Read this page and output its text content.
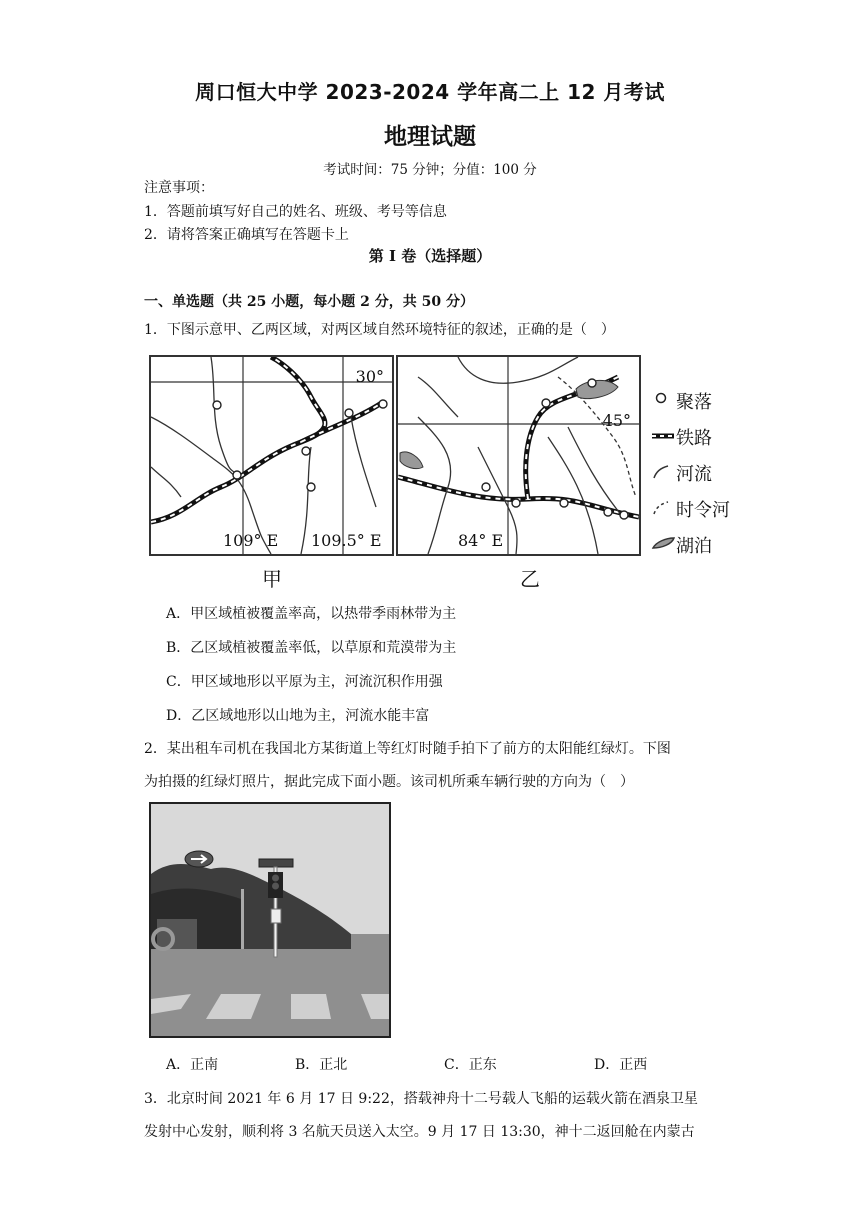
周口恒大中学 2023-2024 学年高二上 12 月考试
地理试题
考试时间：75 分钟；分值：100 分
注意事项：
1．答题前填写好自己的姓名、班级、考号等信息
2．请将答案正确填写在答题卡上
第 I 卷（选择题）
一、单选题（共 25 小题，每小题 2 分，共 50 分）
1．下图示意甲、乙两区域，对两区域自然环境特征的叙述，正确的是（　）
30°
109° E 109.5° E
甲
45°
84° E
乙
聚落
铁路
河流
时令河
湖泊
A．甲区域植被覆盖率高，以热带季雨林带为主
B．乙区域植被覆盖率低，以草原和荒漠带为主
C．甲区域地形以平原为主，河流沉积作用强
D．乙区域地形以山地为主，河流水能丰富
2．某出租车司机在我国北方某街道上等红灯时随手拍下了前方的太阳能红绿灯。下图
为拍摄的红绿灯照片，据此完成下面小题。该司机所乘车辆行驶的方向为（　）
A．正南	B．正北	C．正东	D．正西
3．北京时间 2021 年 6 月 17 日 9:22，搭载神舟十二号载人飞船的运载火箭在酒泉卫星
发射中心发射，顺利将 3 名航天员送入太空。9 月 17 日 13:30，神十二返回舱在内蒙古
